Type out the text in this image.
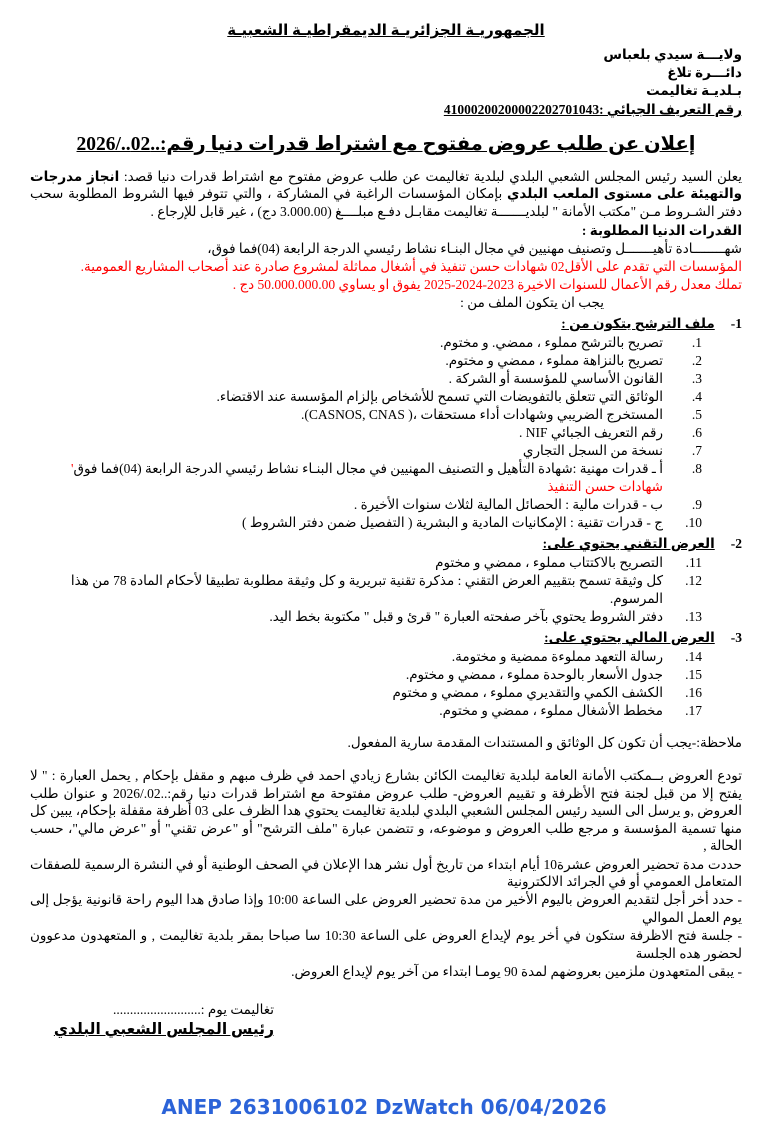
الجمهوريـة الجزائريـة الديمقراطيـة الشعبيـة
ولايـــة سيدي بلعباس
دائـــرة تلاغ
بـلديـة تغاليمت
رقم التعريف الجبائي :41000200200002202701043
إعلان عن طلب عروض مفتوح مع اشتراط قدرات دنيا رقم:..02../2026
يعلن السيد رئيس المجلس الشعبي البلدي لبلدية تغاليمت عن طلب عروض مفتوح مع اشتراط قدرات دنيا قصد: انجاز مدرجات والتهيئة على مستوى الملعب البلدي بإمكان المؤسسات الراغبة في المشاركة ، والتي تتوفر فيها الشروط المطلوبة سحب دفتر الشـروط مـن "مكتب الأمانة " لبلديـــــــة تغاليمت مقابـل دفـع مبلــــغ (3.000.00 دج) ، غير قابل للإرجاع .
القدرات الدنيا المطلوبة :
شهــــــــادة تأهيـــــــل وتصنيف مهنيين في مجال البنـاء نشاط رئيسي الدرجة الرابعة (04)فما فوق،
المؤسسات التي تقدم على الأقل02 شهادات حسن تنفيذ في أشغال مماثلة لمشروع صادرة عند أصحاب المشاريع العمومية.
تملك معدل رقم الأعمال للسنوات الاخيرة 2023-2024-2025 يفوق او يساوي 50.000.000.00 دج .
يجب ان يتكون الملف من :
1-ملف الترشح يتكون من :
1.
تصريح بالترشح مملوء ، ممضي. و مختوم.
2.
تصريح بالنزاهة مملوء ، ممضي و مختوم.
3.
القانون الأساسي للمؤسسة أو الشركة .
4.
الوثائق التي تتعلق بالتفويضات التي تسمح للأشخاص بإلزام المؤسسة عند الاقتضاء.
5.
المستخرج الضريبي وشهادات أداء مستحقات ،( CASNOS, CNAS).
6.
رقم التعريف الجبائي NIF .
7.
نسخة من السجل التجاري
8.
أ ـ قدرات مهنية :شهادة التأهيل و التصنيف المهنيين في مجال البنـاء نشاط رئيسي الدرجة الرابعة (04)فما فوق' شهادات حسن التنفيذ
9.
ب - قدرات مالية : الحصائل المالية لثلاث سنوات الأخيرة .
10.
ج - قدرات تقنية : الإمكانيات المادية و البشرية ( التفصيل ضمن دفتر الشروط )
2-العرض التقني يحتوي على:
11.
التصريح بالاكتتاب مملوء ، ممضي و مختوم
12.
كل وثيقة تسمح بتقييم العرض التقني : مذكرة تقنية تبريرية و كل وثيقة مطلوبة تطبيقا لأحكام المادة 78 من هذا المرسوم.
13.
دفتر الشروط يحتوي بآخر صفحته العبارة " قرئ و قبل " مكتوبة بخط اليد.
3-العرض المالي يحتوي على:
14.
رسالة التعهد مملوءة ممضية و مختومة.
15.
جدول الأسعار بالوحدة مملوء ، ممضي و مختوم.
16.
الكشف الكمي والتقديري مملوء ، ممضي و مختوم
17.
مخطط الأشغال مملوء ، ممضي و مختوم.
ملاحظة:-يجب أن تكون كل الوثائق و المستندات المقدمة سارية المفعول.
تودع العروض بــمكتب الأمانة العامة لبلدية تغاليمت الكائن بشارع زيادي احمد في ظرف مبهم و مقفل بإحكام , يحمل العبارة : " لا يفتح إلا من قبل لجنة فتح الأظرفة و تقييم العروض- طلب عروض مفتوحة مع اشتراط قدرات دنيا رقم:..02./2026 و عنوان طلب العروض ,و يرسل الى السيد رئيس المجلس الشعبي البلدي لبلدية تغاليمت يحتوي هدا الظرف على 03 أظرفة مقفلة بإحكام، يبين كل منها تسمية المؤسسة و مرجع طلب العروض و موضوعه، و تتضمن عبارة "ملف الترشح" أو "عرض تقني" أو "عرض مالي"، حسب الحالة ,
حددت مدة تحضير العروض عشرة10 أيام ابتداء من تاريخ أول نشر هدا الإعلان في الصحف الوطنية أو في النشرة الرسمية للصفقات المتعامل العمومي أو في الجرائد الالكترونية
- حدد أخر أجل لتقديم العروض باليوم الأخير من مدة تحضير العروض على الساعة 10:00 وإذا صادق هدا اليوم راحة قانونية يؤجل إلى يوم العمل الموالي
- جلسة فتح الاظرفة ستكون في أخر يوم لإيداع العروض على الساعة 10:30 سا صباحا بمقر بلدية تغاليمت , و المتعهدون مدعوون لحضور هده الجلسة
- يبقى المتعهدون ملزمين بعروضهم لمدة 90 يومـا ابتداء من آخر يوم لإيداع العروض.
تغاليمت يوم :..........................
رئيس المجلس الشعبي البلدي
ANEP 2631006102 DzWatch 06/04/2026
